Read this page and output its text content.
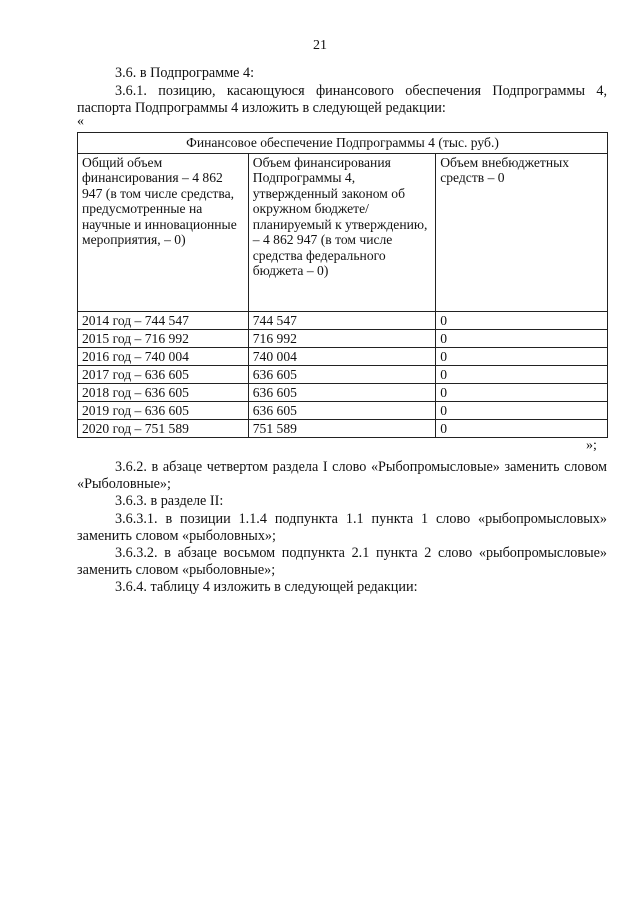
21

3.6. в Подпрограмме 4:

3.6.1. позицию, касающуюся финансового обеспечения Подпрограммы 4, паспорта Подпрограммы 4 изложить в следующей редакции:

«
Финансовое обеспечение Подпрограммы 4 (тыс. руб.)		
Общий объем финансирования – 4 862 947 (в том числе средства, предусмотренные на научные и инновационные мероприятия, – 0)	Объем финансирования Подпрограммы 4, утвержденный законом об окружном бюджете/ планируемый к утверждению, – 4 862 947 (в том числе средства федерального бюджета – 0)	Объем внебюджетных средств – 0
2014 год – 744 547	744 547	0
2015 год – 716 992	716 992	0
2016 год – 740 004	740 004	0
2017 год – 636 605	636 605	0
2018 год – 636 605	636 605	0
2019 год – 636 605	636 605	0
2020 год – 751 589	751 589	0
»;

3.6.2. в абзаце четвертом раздела I слово «Рыбопромысловые» заменить словом «Рыболовные»;

3.6.3. в разделе II:

3.6.3.1. в позиции 1.1.4 подпункта 1.1 пункта 1 слово «рыбопромысловых» заменить словом «рыболовных»;

3.6.3.2. в абзаце восьмом подпункта 2.1 пункта 2 слово «рыбопромысловые» заменить словом «рыболовные»;

3.6.4. таблицу 4 изложить в следующей редакции:
